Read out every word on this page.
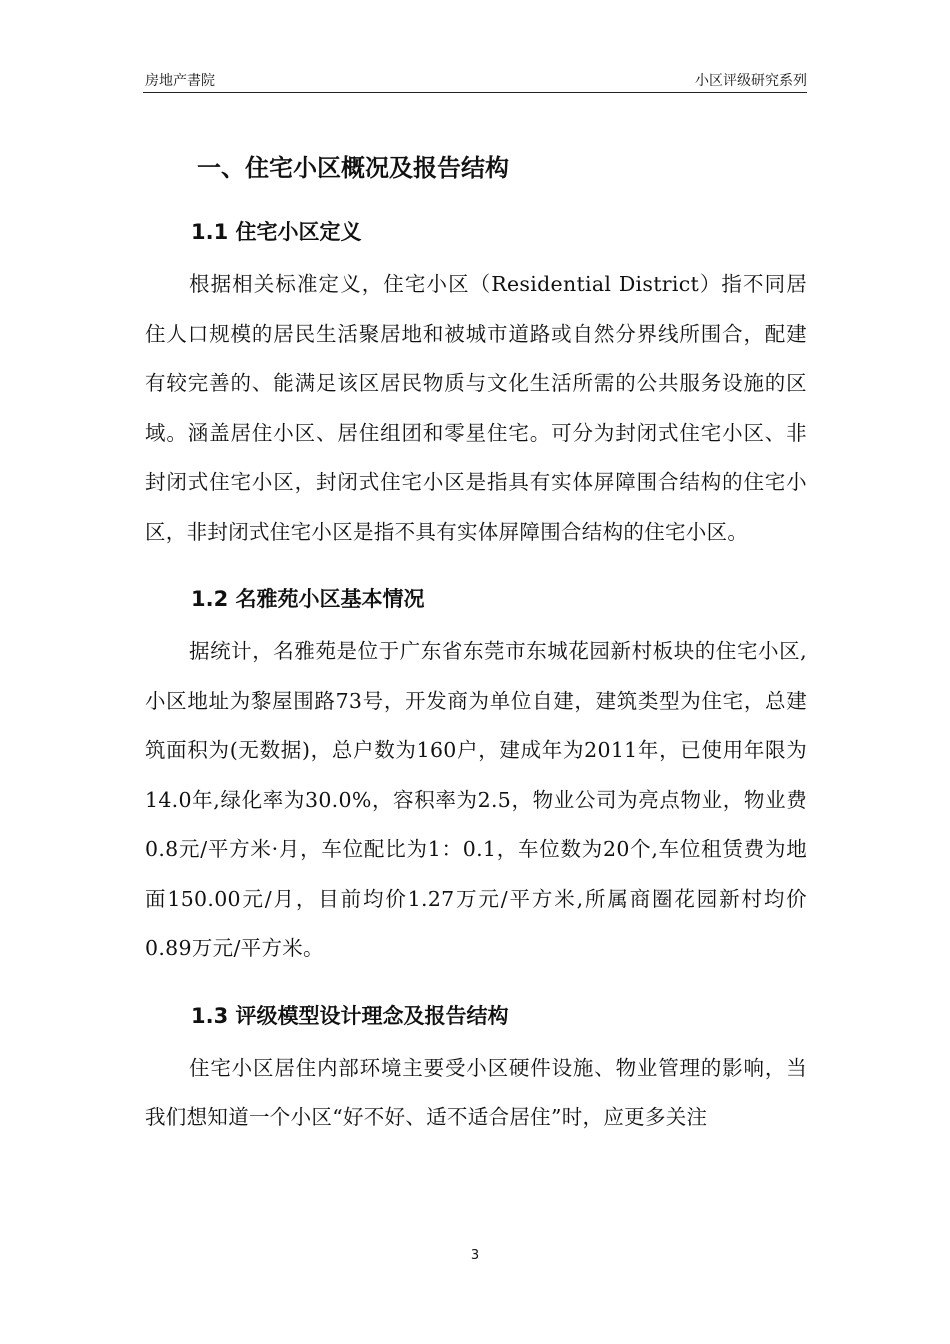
房地产書院	小区评级研究系列
一、住宅小区概况及报告结构
1.1 住宅小区定义

根据相关标准定义，住宅小区（Residential District）指不同居住人口规模的居民生活聚居地和被城市道路或自然分界线所围合，配建有较完善的、能满足该区居民物质与文化生活所需的公共服务设施的区域。涵盖居住小区、居住组团和零星住宅。可分为封闭式住宅小区、非封闭式住宅小区，封闭式住宅小区是指具有实体屏障围合结构的住宅小区，非封闭式住宅小区是指不具有实体屏障围合结构的住宅小区。

1.2 名雅苑小区基本情况

据统计，名雅苑是位于广东省东莞市东城花园新村板块的住宅小区,小区地址为黎屋围路73号，开发商为单位自建，建筑类型为住宅，总建筑面积为(无数据)，总户数为160户，建成年为2011年，已使用年限为14.0年,绿化率为30.0%，容积率为2.5，物业公司为亮点物业，物业费0.8元/平方米·月，车位配比为1：0.1，车位数为20个,车位租赁费为地面150.00元/月，目前均价1.27万元/平方米,所属商圈花园新村均价0.89万元/平方米。

1.3 评级模型设计理念及报告结构

住宅小区居住内部环境主要受小区硬件设施、物业管理的影响，当我们想知道一个小区“好不好、适不适合居住”时，应更多关注

3
